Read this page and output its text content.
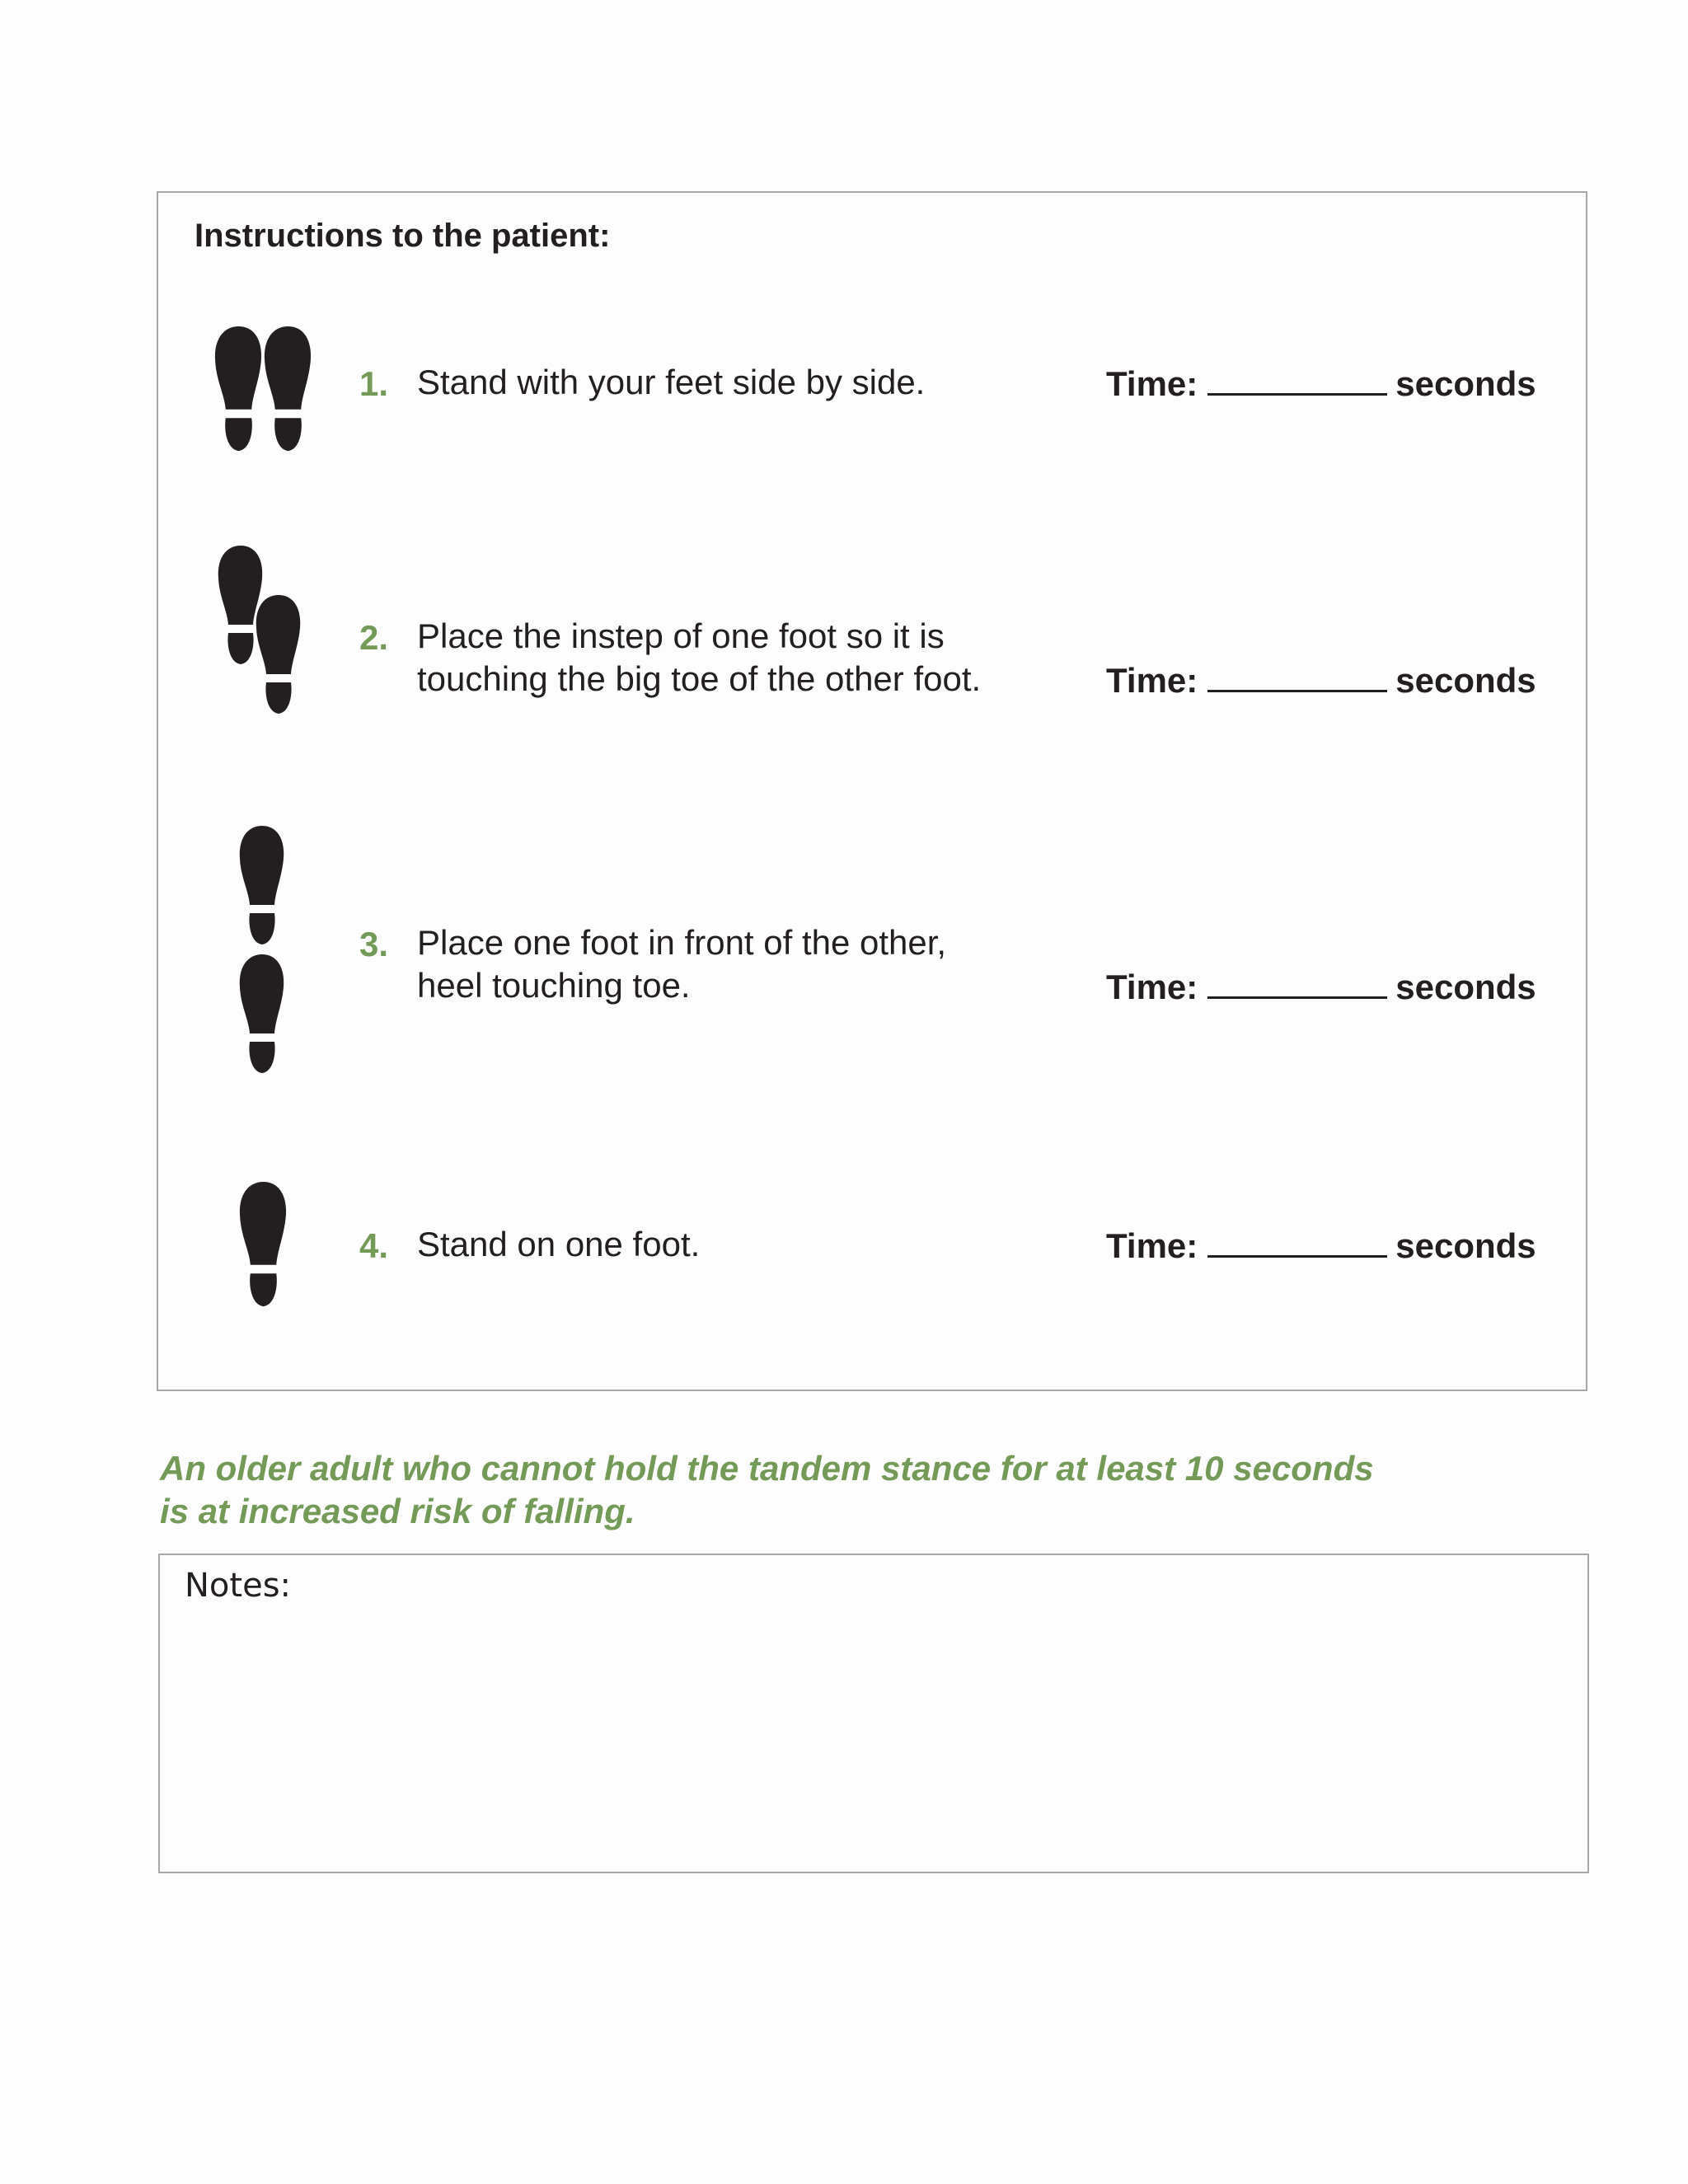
Instructions to the patient:
1. Stand with your feet side by side.	Time:	seconds
2. Place the instep of one foot so it is
touching the big toe of the other foot.	Time:	seconds
3. Place one foot in front of the other,
heel touching toe.	Time:	seconds
4. Stand on one foot.	Time:	seconds

An older adult who cannot hold the tandem stance for at least 10 seconds
is at increased risk of falling.

Notes:
